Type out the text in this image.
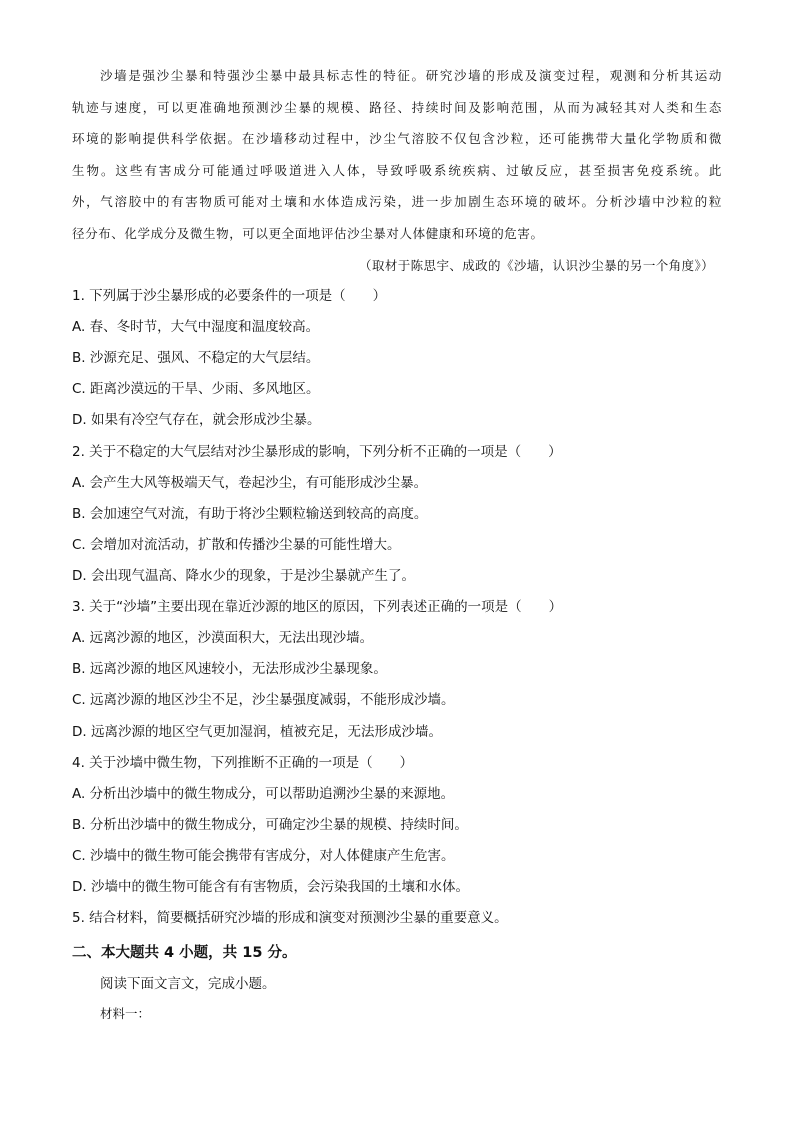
沙墙是强沙尘暴和特强沙尘暴中最具标志性的特征。研究沙墙的形成及演变过程，观测和分析其运动
轨迹与速度，可以更准确地预测沙尘暴的规模、路径、持续时间及影响范围，从而为减轻其对人类和生态
环境的影响提供科学依据。在沙墙移动过程中，沙尘气溶胶不仅包含沙粒，还可能携带大量化学物质和微
生物。这些有害成分可能通过呼吸道进入人体，导致呼吸系统疾病、过敏反应，甚至损害免疫系统。此
外，气溶胶中的有害物质可能对土壤和水体造成污染，进一步加剧生态环境的破坏。分析沙墙中沙粒的粒
径分布、化学成分及微生物，可以更全面地评估沙尘暴对人体健康和环境的危害。
（取材于陈思宇、成政的《沙墙，认识沙尘暴的另一个角度》）
1. 下列属于沙尘暴形成的必要条件的一项是（　　）
A. 春、冬时节，大气中湿度和温度较高。
B. 沙源充足、强风、不稳定的大气层结。
C. 距离沙漠远的干旱、少雨、多风地区。
D. 如果有冷空气存在，就会形成沙尘暴。
2. 关于不稳定的大气层结对沙尘暴形成的影响，下列分析不正确的一项是（　　）
A. 会产生大风等极端天气，卷起沙尘，有可能形成沙尘暴。
B. 会加速空气对流，有助于将沙尘颗粒输送到较高的高度。
C. 会增加对流活动，扩散和传播沙尘暴的可能性增大。
D. 会出现气温高、降水少的现象，于是沙尘暴就产生了。
3. 关于“沙墙”主要出现在靠近沙源的地区的原因，下列表述正确的一项是（　　）
A. 远离沙源的地区，沙漠面积大，无法出现沙墙。
B. 远离沙源的地区风速较小，无法形成沙尘暴现象。
C. 远离沙源的地区沙尘不足，沙尘暴强度减弱，不能形成沙墙。
D. 远离沙源的地区空气更加湿润，植被充足，无法形成沙墙。
4. 关于沙墙中微生物，下列推断不正确的一项是（　　）
A. 分析出沙墙中的微生物成分，可以帮助追溯沙尘暴的来源地。
B. 分析出沙墙中的微生物成分，可确定沙尘暴的规模、持续时间。
C. 沙墙中的微生物可能会携带有害成分，对人体健康产生危害。
D. 沙墙中的微生物可能含有有害物质，会污染我国的土壤和水体。
5. 结合材料，简要概括研究沙墙的形成和演变对预测沙尘暴的重要意义。
二、本大题共 4 小题，共 15 分。
阅读下面文言文，完成小题。
材料一：
